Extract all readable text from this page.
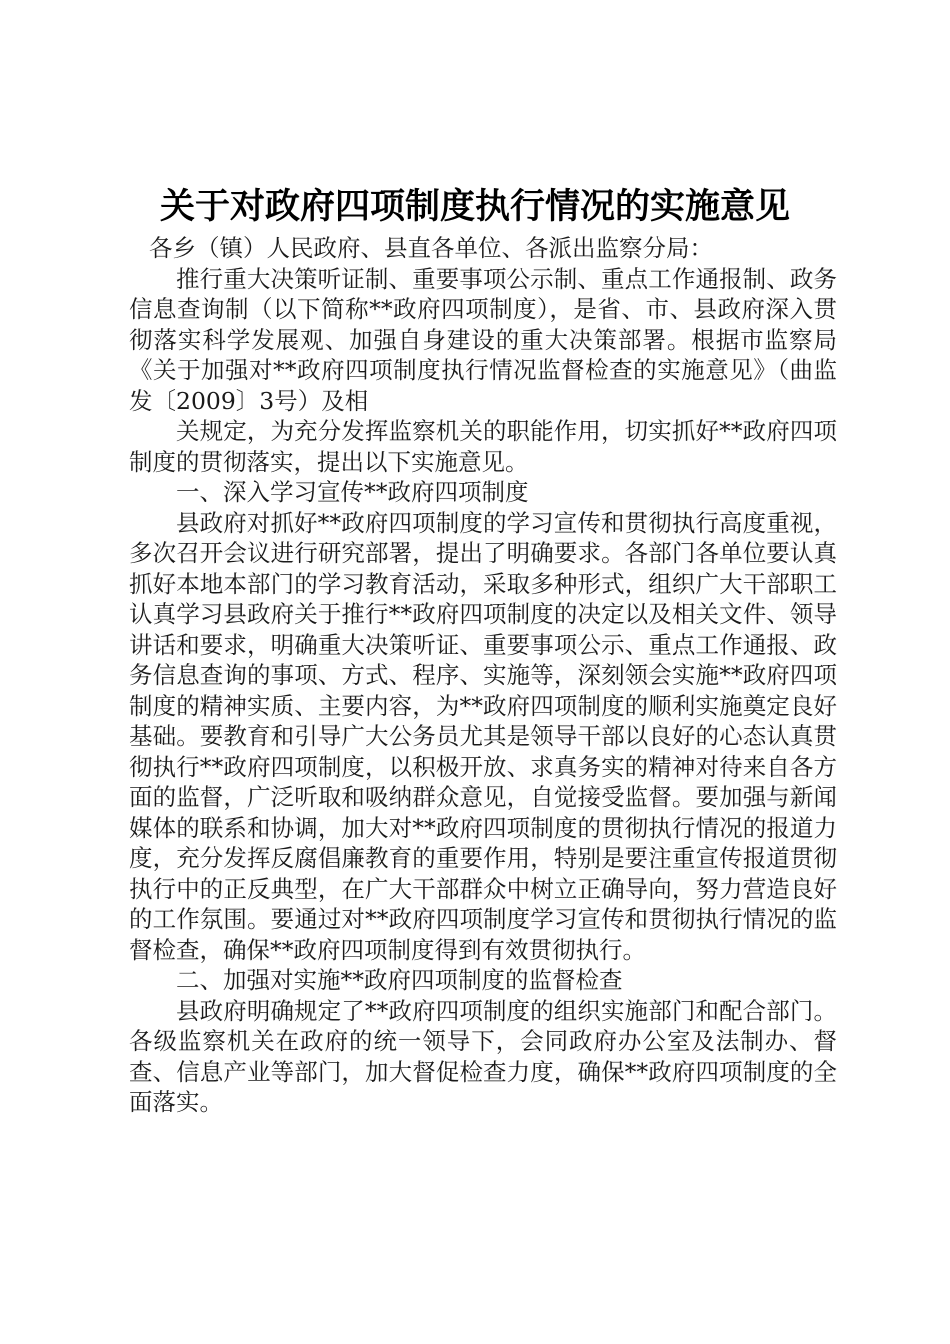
关于对政府四项制度执行情况的实施意见

各乡（镇）人民政府、县直各单位、各派出监察分局：

推行重大决策听证制、重要事项公示制、重点工作通报制、政务信息查询制（以下简称**政府四项制度），是省、市、县政府深入贯彻落实科学发展观、加强自身建设的重大决策部署。根据市监察局《关于加强对**政府四项制度执行情况监督检查的实施意见》（曲监发〔2009〕3号）及相

关规定，为充分发挥监察机关的职能作用，切实抓好**政府四项制度的贯彻落实，提出以下实施意见。

一、深入学习宣传**政府四项制度

县政府对抓好**政府四项制度的学习宣传和贯彻执行高度重视，多次召开会议进行研究部署，提出了明确要求。各部门各单位要认真抓好本地本部门的学习教育活动，采取多种形式，组织广大干部职工认真学习县政府关于推行**政府四项制度的决定以及相关文件、领导讲话和要求，明确重大决策听证、重要事项公示、重点工作通报、政务信息查询的事项、方式、程序、实施等，深刻领会实施**政府四项制度的精神实质、主要内容，为**政府四项制度的顺利实施奠定良好基础。要教育和引导广大公务员尤其是领导干部以良好的心态认真贯彻执行**政府四项制度，以积极开放、求真务实的精神对待来自各方面的监督，广泛听取和吸纳群众意见，自觉接受监督。要加强与新闻媒体的联系和协调，加大对**政府四项制度的贯彻执行情况的报道力度，充分发挥反腐倡廉教育的重要作用，特别是要注重宣传报道贯彻执行中的正反典型，在广大干部群众中树立正确导向，努力营造良好的工作氛围。要通过对**政府四项制度学习宣传和贯彻执行情况的监督检查，确保**政府四项制度得到有效贯彻执行。

二、加强对实施**政府四项制度的监督检查

县政府明确规定了**政府四项制度的组织实施部门和配合部门。各级监察机关在政府的统一领导下，会同政府办公室及法制办、督查、信息产业等部门，加大督促检查力度，确保**政府四项制度的全面落实。
